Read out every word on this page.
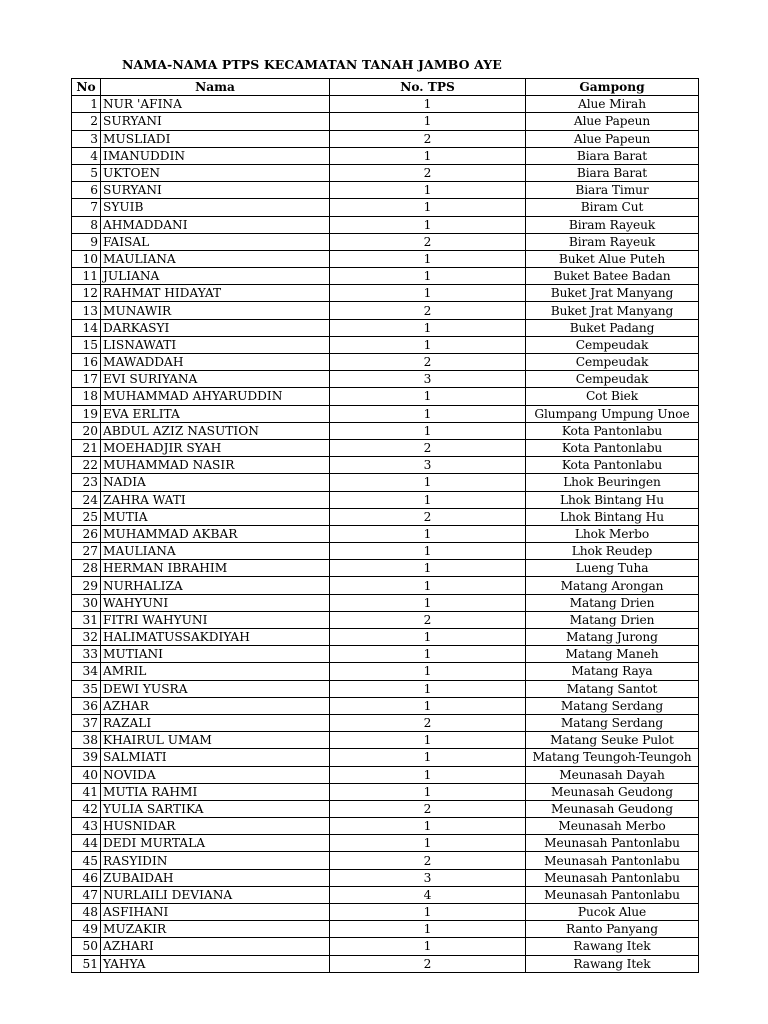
NAMA-NAMA PTPS KECAMATAN TANAH JAMBO AYE
No	Nama	No. TPS	Gampong
1	NUR 'AFINA	1	Alue Mirah
2	SURYANI	1	Alue Papeun
3	MUSLIADI	2	Alue Papeun
4	IMANUDDIN	1	Biara Barat
5	UKTOEN	2	Biara Barat
6	SURYANI	1	Biara Timur
7	SYUIB	1	Biram Cut
8	AHMADDANI	1	Biram Rayeuk
9	FAISAL	2	Biram Rayeuk
10	MAULIANA	1	Buket Alue Puteh
11	JULIANA	1	Buket Batee Badan
12	RAHMAT HIDAYAT	1	Buket Jrat Manyang
13	MUNAWIR	2	Buket Jrat Manyang
14	DARKASYI	1	Buket Padang
15	LISNAWATI	1	Cempeudak
16	MAWADDAH	2	Cempeudak
17	EVI SURIYANA	3	Cempeudak
18	MUHAMMAD AHYARUDDIN	1	Cot Biek
19	EVA ERLITA	1	Glumpang Umpung Unoe
20	ABDUL AZIZ NASUTION	1	Kota Pantonlabu
21	MOEHADJIR SYAH	2	Kota Pantonlabu
22	MUHAMMAD NASIR	3	Kota Pantonlabu
23	NADIA	1	Lhok Beuringen
24	ZAHRA WATI	1	Lhok Bintang Hu
25	MUTIA	2	Lhok Bintang Hu
26	MUHAMMAD AKBAR	1	Lhok Merbo
27	MAULIANA	1	Lhok Reudep
28	HERMAN IBRAHIM	1	Lueng Tuha
29	NURHALIZA	1	Matang Arongan
30	WAHYUNI	1	Matang Drien
31	FITRI WAHYUNI	2	Matang Drien
32	HALIMATUSSAKDIYAH	1	Matang Jurong
33	MUTIANI	1	Matang Maneh
34	AMRIL	1	Matang Raya
35	DEWI YUSRA	1	Matang Santot
36	AZHAR	1	Matang Serdang
37	RAZALI	2	Matang Serdang
38	KHAIRUL UMAM	1	Matang Seuke Pulot
39	SALMIATI	1	Matang Teungoh-Teungoh
40	NOVIDA	1	Meunasah Dayah
41	MUTIA RAHMI	1	Meunasah Geudong
42	YULIA SARTIKA	2	Meunasah Geudong
43	HUSNIDAR	1	Meunasah Merbo
44	DEDI MURTALA	1	Meunasah Pantonlabu
45	RASYIDIN	2	Meunasah Pantonlabu
46	ZUBAIDAH	3	Meunasah Pantonlabu
47	NURLAILI DEVIANA	4	Meunasah Pantonlabu
48	ASFIHANI	1	Pucok Alue
49	MUZAKIR	1	Ranto Panyang
50	AZHARI	1	Rawang Itek
51	YAHYA	2	Rawang Itek
